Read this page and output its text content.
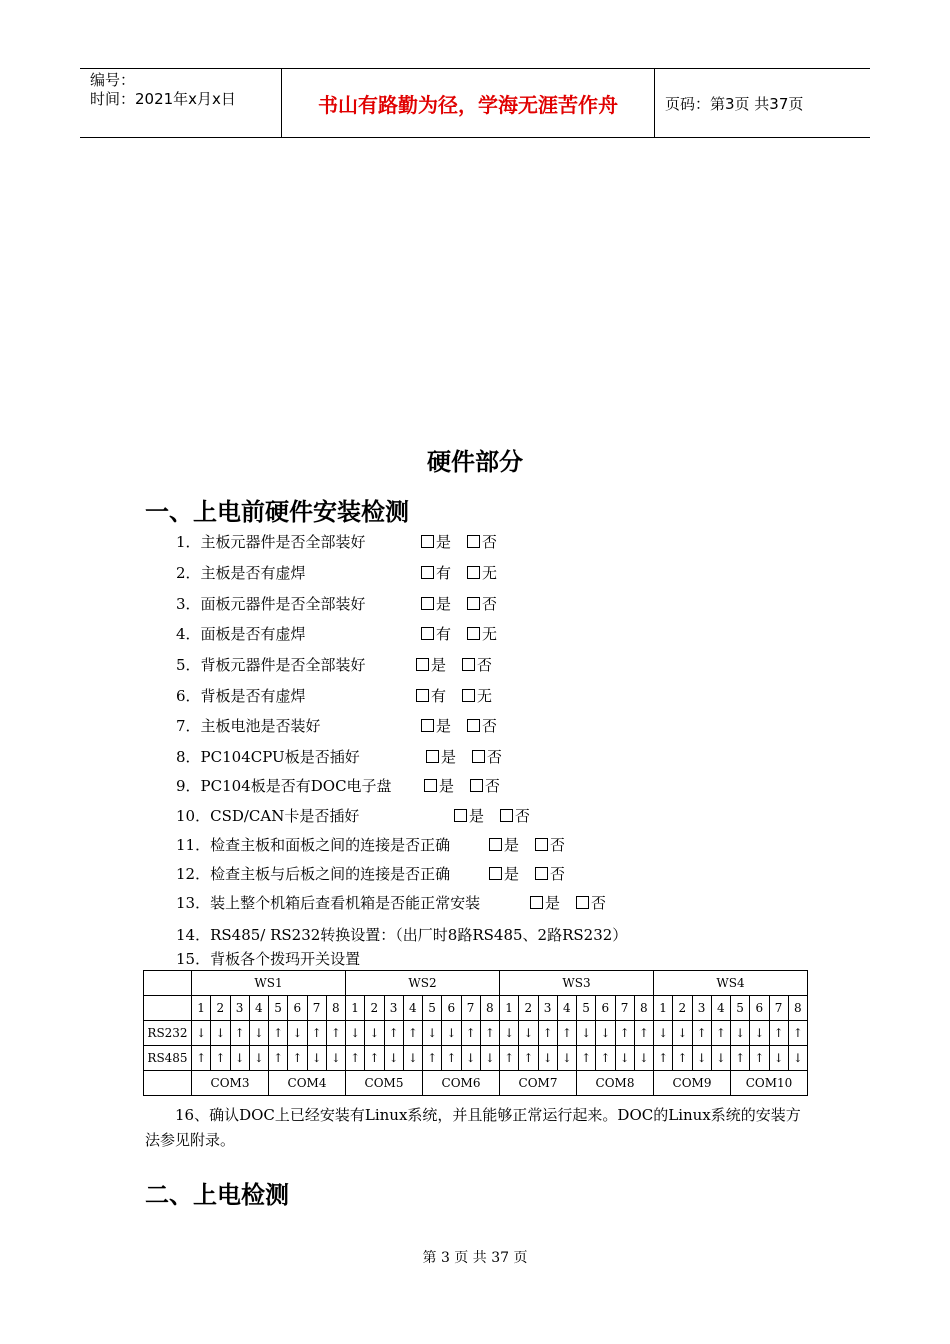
编号：
时间：2021年x月x日	书山有路勤为径，学海无涯苦作舟	页码：第3页 共37页
硬件部分
一、上电前硬件安装检测
1．主板元器件是否全部装好	是 否
2．主板是否有虚焊	有 无
3．面板元器件是否全部装好	是 否
4．面板是否有虚焊	有 无
5．背板元器件是否全部装好	是 否
6．背板是否有虚焊	有 无
7．主板电池是否装好	是 否
8．PC104CPU板是否插好	是 否
9．PC104板是否有DOC电子盘	是 否
10．CSD/CAN卡是否插好	是 否
11．检查主板和面板之间的连接是否正确	是 否
12．检查主板与后板之间的连接是否正确	是 否
13．装上整个机箱后查看机箱是否能正常安装	是 否
14．RS485/ RS232转换设置：（出厂时8路RS485、2路RS232）
15．背板各个拨玛开关设置
	WS1								WS2								WS3								WS4							
	1	2	3	4	5	6	7	8	1	2	3	4	5	6	7	8	1	2	3	4	5	6	7	8	1	2	3	4	5	6	7	8
RS232	↓	↓	↑	↓	↑	↓	↑	↑	↓	↓	↑	↑	↓	↓	↑	↑	↓	↓	↑	↑	↓	↓	↑	↑	↓	↓	↑	↑	↓	↓	↑	↑
RS485	↑	↑	↓	↓	↑	↑	↓	↓	↑	↑	↓	↓	↑	↑	↓	↓	↑	↑	↓	↓	↑	↑	↓	↓	↑	↑	↓	↓	↑	↑	↓	↓
	COM3				COM4				COM5				COM6				COM7				COM8				COM9				COM10			
16、确认DOC上已经安装有Linux系统，并且能够正常运行起来。DOC的Linux系统的安装方法参见附录。
二、上电检测
第 3 页 共 37 页
